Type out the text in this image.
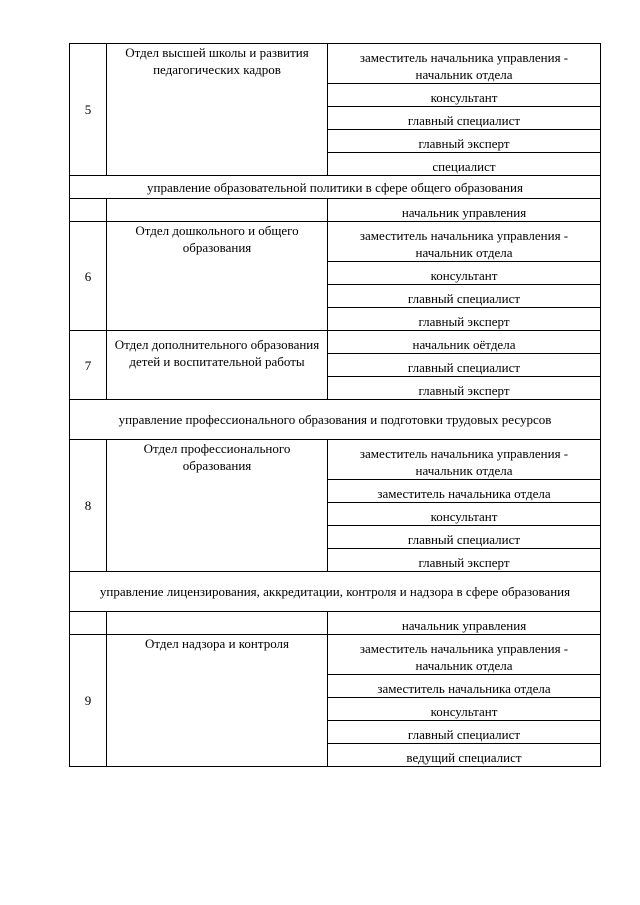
5	Отдел высшей школы и развития педагогических кадров	заместитель начальника управления - начальник отдела
		консультант
		главный специалист
		главный эксперт
		специалист
управление образовательной политики в сфере общего образования		
		начальник управления
6	Отдел дошкольного и общего образования	заместитель начальника управления - начальник отдела
		консультант
		главный специалист
		главный эксперт
7	Отдел дополнительного образования детей и воспитательной работы	начальник оётдела
		главный специалист
		главный эксперт
управление профессионального образования и подготовки трудовых ресурсов		
8	Отдел профессионального образования	заместитель начальника управления - начальник отдела
		заместитель начальника отдела
		консультант
		главный специалист
		главный эксперт
управление лицензирования, аккредитации, контроля и надзора в сфере образования		
		начальник управления
9	Отдел надзора и контроля	заместитель начальника управления - начальник отдела
		заместитель начальника отдела
		консультант
		главный специалист
		ведущий специалист
